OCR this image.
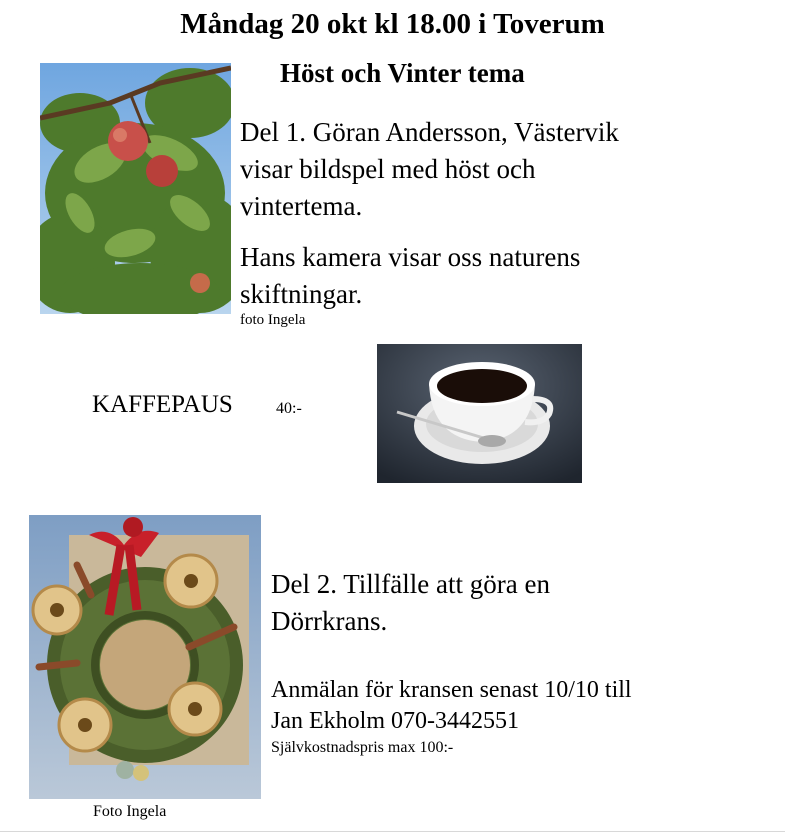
Måndag 20 okt kl 18.00 i Toverum
Höst och Vinter tema
Del 1. Göran Andersson, Västervik
visar bildspel med höst och
vintertema.
Hans kamera visar oss naturens
skiftningar.
foto Ingela
KAFFEPAUS	40:-
Del 2. Tillfälle att göra en
Dörrkrans.
Anmälan för kransen senast 10/10 till
Jan Ekholm 070-3442551
Självkostnadspris max 100:-
Foto Ingela
